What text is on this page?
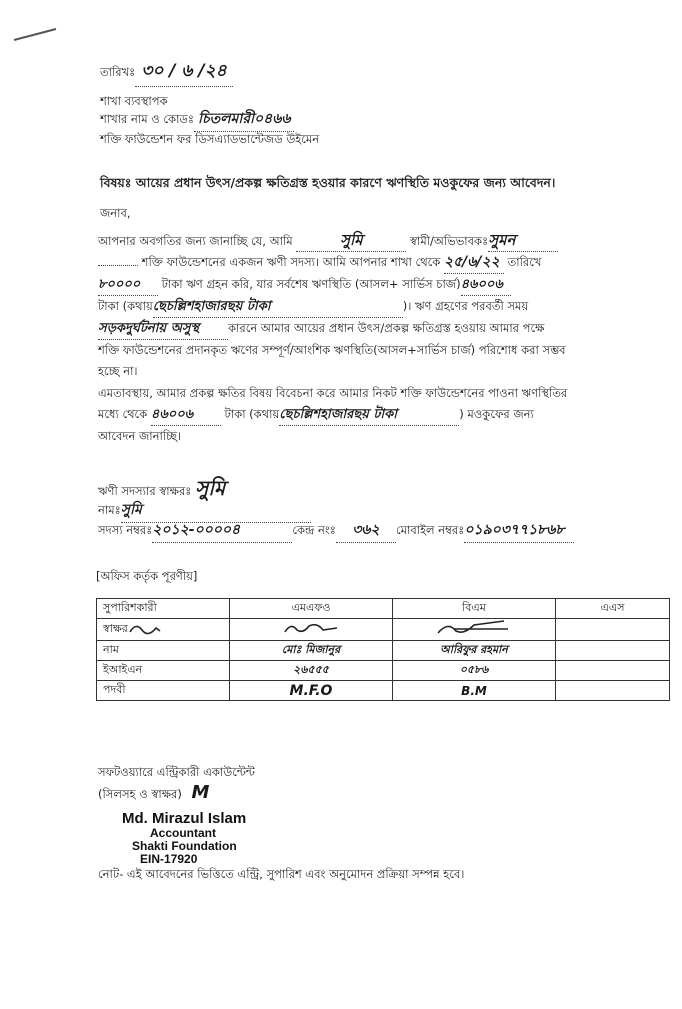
তারিখঃ ৩০ / ৬ /২৪
শাখা ব্যবস্থাপক
শাখার নাম ও কোডঃ চিতলমারী০৪৬৬
শক্তি ফাউন্ডেশন ফর ডিসএ্যাডভান্টেজড উইমেন
বিষয়ঃ আয়ের প্রধান উৎস/প্রকল্প ক্ষতিগ্রস্ত হওয়ার কারণে ঋণস্থিতি মওকুফের জন্য আবেদন।
জনাব,
আপনার অবগতির জন্য জানাচ্ছি যে, আমি	সুমি	স্বামী/অভিভাবকঃসুমন
শক্তি ফাউন্ডেশনের একজন ঋণী সদস্য। আমি আপনার শাখা থেকে ২৫/৬/২২ তারিখে
৮০০০০ টাকা ঋণ গ্রহন করি, যার সর্বশেষ ঋণস্থিতি (আসল+ সার্ভিস চার্জ)৪৬০০৬
টাকা (কথায়ছেচল্লিশহাজারছয় টাকা	)। ঋণ গ্রহণের পরবর্তী সময়
সড়কদুর্ঘটনায় অসুস্থ	কারনে আমার আয়ের প্রধান উৎস/প্রকল্প ক্ষতিগ্রস্ত হওয়ায় আমার পক্ষে
শক্তি ফাউন্ডেশনের প্রদানকৃত ঋণের সম্পূর্ণ/আংশিক ঋণস্থিতি(আসল+সার্ভিস চার্জ) পরিশোধ করা সম্ভব
হচ্ছে না।
এমতাবস্থায়, আমার প্রকল্প ক্ষতির বিষয় বিবেচনা করে আমার নিকট শক্তি ফাউন্ডেশনের পাওনা ঋণস্থিতির
মধ্যে থেকে ৪৬০০৬	টাকা (কথায়ছেচল্লিশহাজারছয় টাকা	) মওকুফের জন্য
আবেদন জানাচ্ছি।
ঋণী সদস্যার স্বাক্ষরঃ সুমি
নামঃসুমি
সদস্য নম্বরঃ২০১২-০০০০৪	কেন্দ্র নংঃ ৩৬২ মোবাইল নম্বরঃ০১৯০৩৭৭১৮৬৮
[অফিস কর্তৃক পূরণীয়]
সুপারিশকারী	এমএফও	বিএম	এএস
স্বাক্ষর			
নাম	মোঃ মিজানুর	আরিফুর রহমান	
ইআইএন	২৬৫৫৫	০৫৮৬	
পদবী	M.F.O	B.M	
সফটওয়্যারে এন্ট্রিকারী একাউন্টেন্ট
(সিলসহ ও স্বাক্ষর) M
Md. Mirazul Islam
Accountant
Shakti Foundation
EIN-17920
নোট- এই আবেদনের ভিত্তিতে এন্ট্রি, সুপারিশ এবং অনুমোদন প্রক্রিয়া সম্পন্ন হবে।
